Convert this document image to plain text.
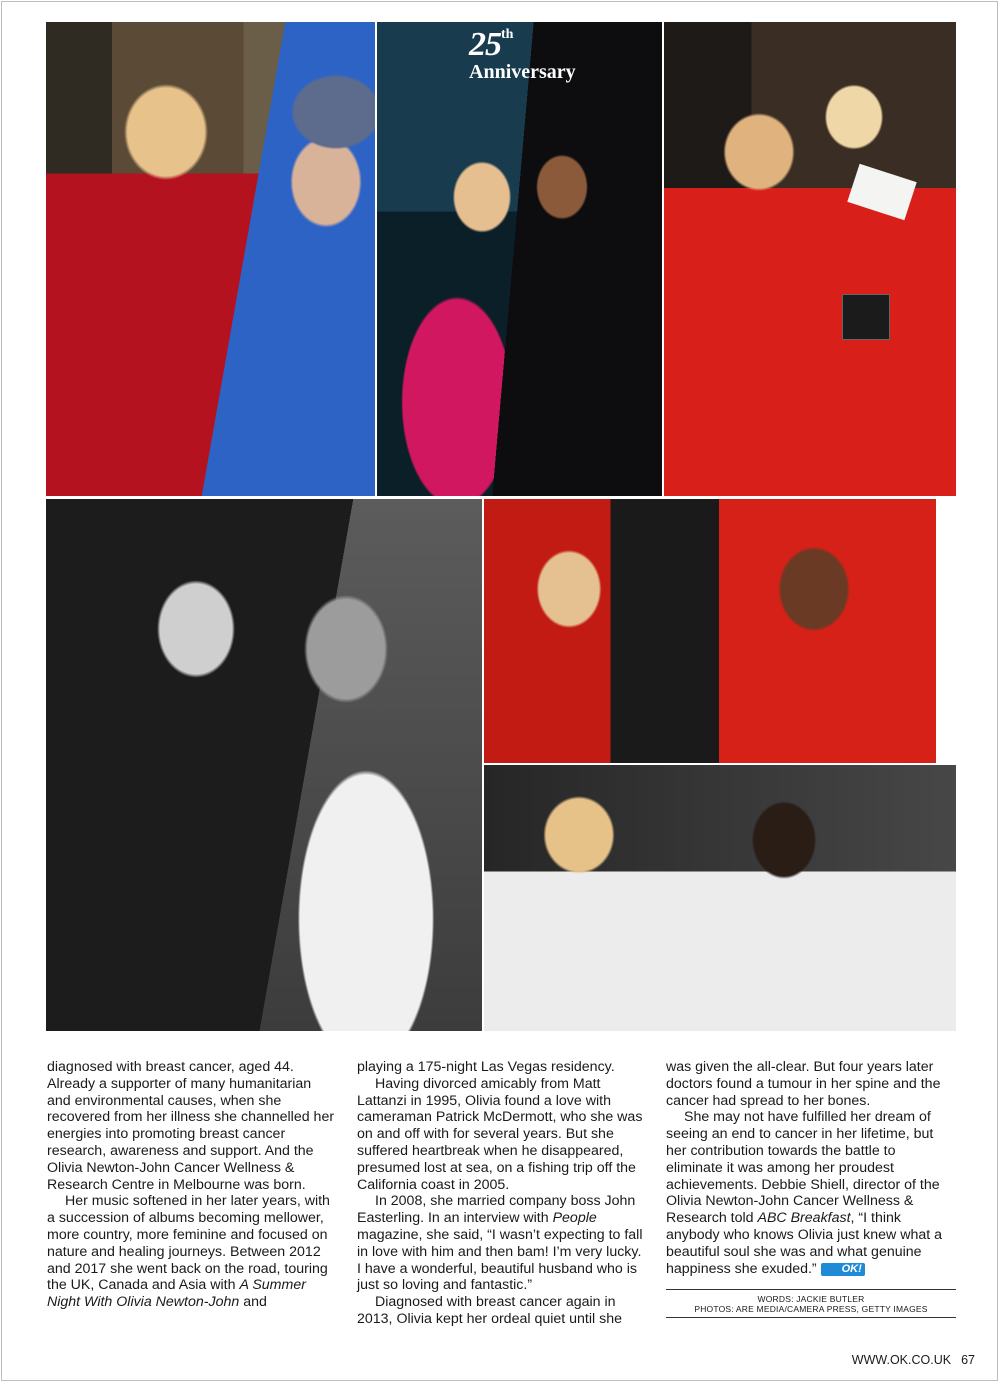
25th
Anniversary

diagnosed with breast cancer, aged 44. Already a supporter of many humanitarian and environmental causes, when she recovered from her illness she channelled her energies into promoting breast cancer research, awareness and support. And the Olivia Newton-John Cancer Wellness & Research Centre in Melbourne was born.

Her music softened in her later years, with a succession of albums becoming mellower, more country, more feminine and focused on nature and healing journeys. Between 2012 and 2017 she went back on the road, touring the UK, Canada and Asia with A Summer Night With Olivia Newton-John and

playing a 175-night Las Vegas residency.

Having divorced amicably from Matt Lattanzi in 1995, Olivia found a love with cameraman Patrick McDermott, who she was on and off with for several years. But she suffered heartbreak when he disappeared, presumed lost at sea, on a fishing trip off the California coast in 2005.

In 2008, she married company boss John Easterling. In an interview with People magazine, she said, “I wasn’t expecting to fall in love with him and then bam! I’m very lucky. I have a wonderful, beautiful husband who is just so loving and fantastic.”

Diagnosed with breast cancer again in 2013, Olivia kept her ordeal quiet until she

was given the all-clear. But four years later doctors found a tumour in her spine and the cancer had spread to her bones.

She may not have fulfilled her dream of seeing an end to cancer in her lifetime, but her contribution towards the battle to eliminate it was among her proudest achievements. Debbie Shiell, director of the Olivia Newton-John Cancer Wellness & Research told ABC Breakfast, “I think anybody who knows Olivia just knew what a beautiful soul she was and what genuine happiness she exuded.” OK!

WORDS: JACKIE BUTLER
PHOTOS: ARE MEDIA/CAMERA PRESS, GETTY IMAGES
WWW.OK.CO.UK 67
